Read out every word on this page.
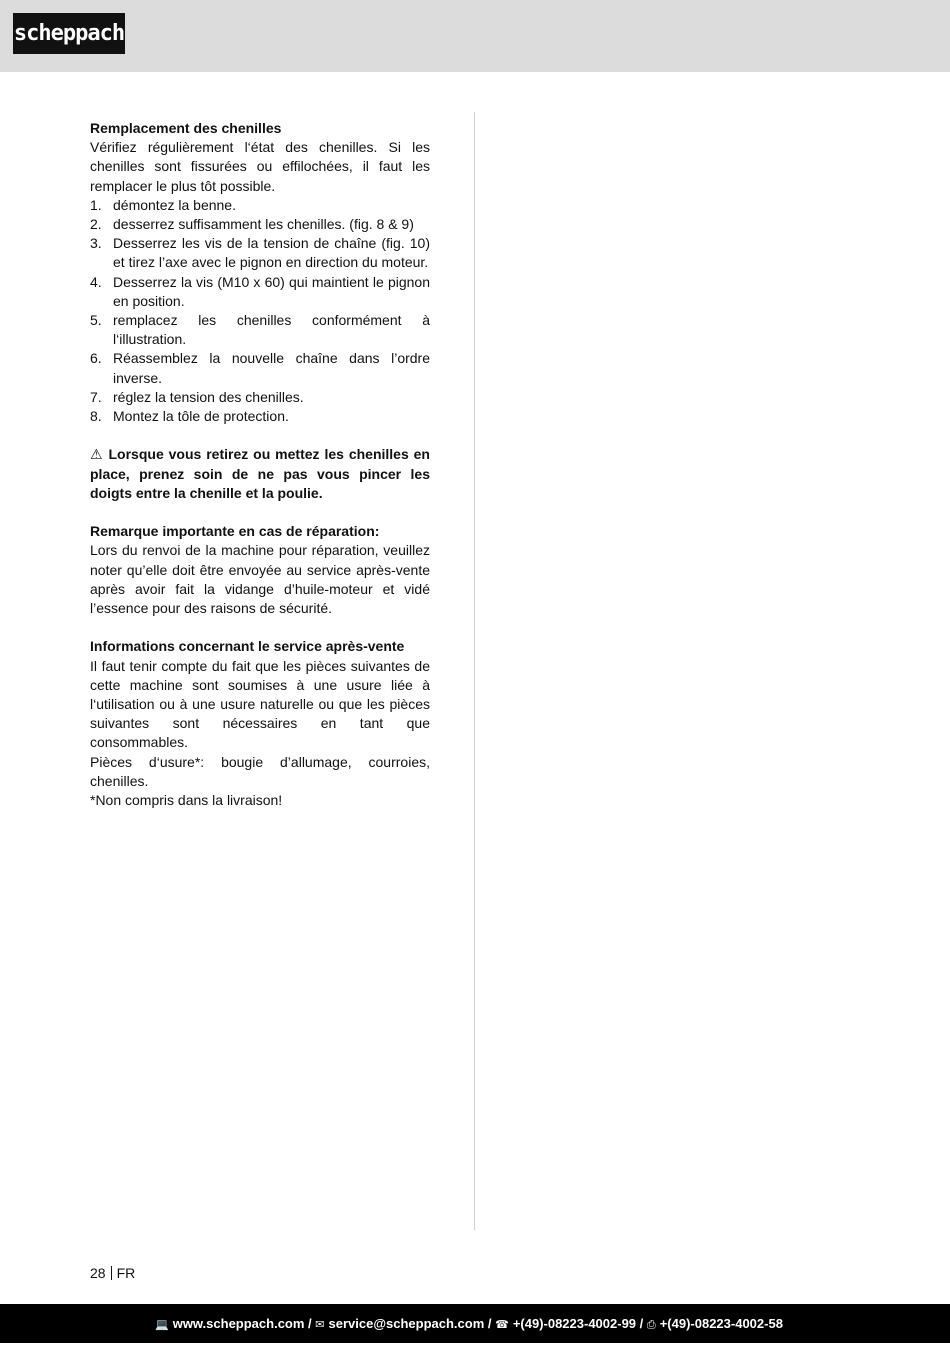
scheppach
Remplacement des chenilles

Vérifiez régulièrement l‘état des chenilles. Si les chenilles sont fissurées ou effilochées, il faut les remplacer le plus tôt possible.

1. démontez la benne.
2. desserrez suffisamment les chenilles. (fig. 8 & 9)
3. Desserrez les vis de la tension de chaîne (fig. 10) et tirez l’axe avec le pignon en direction du moteur.
4. Desserrez la vis (M10 x 60) qui maintient le pignon en position.
5. remplacez les chenilles conformément à l‘illustration.
6. Réassemblez la nouvelle chaîne dans l’ordre inverse.
7. réglez la tension des chenilles.
8. Montez la tôle de protection.

⚠ Lorsque vous retirez ou mettez les chenilles en place, prenez soin de ne pas vous pincer les doigts entre la chenille et la poulie.

Remarque importante en cas de réparation:

Lors du renvoi de la machine pour réparation, veuillez noter qu’elle doit être envoyée au service après-vente après avoir fait la vidange d’huile-moteur et vidé l’essence pour des raisons de sécurité.

Informations concernant le service après-vente

Il faut tenir compte du fait que les pièces suivantes de cette machine sont soumises à une usure liée à l‘utilisation ou à une usure naturelle ou que les pièces suivantes sont nécessaires en tant que consommables.

Pièces d‘usure*: bougie d’allumage, courroies, chenilles.

*Non compris dans la livraison!
28 FR
💻 www.scheppach.com / ✉ service@scheppach.com / ☎ +(49)-08223-4002-99 / ⎙ +(49)-08223-4002-58
